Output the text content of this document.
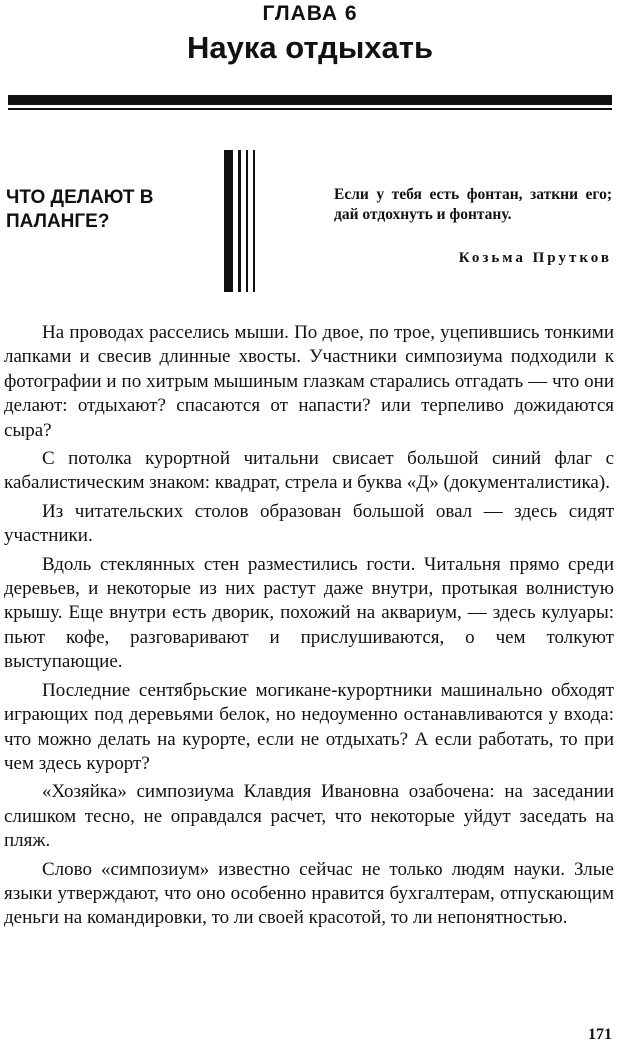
ГЛАВА 6
Наука отдыхать
ЧТО ДЕЛАЮТ В ПАЛАНГЕ?
Если у тебя есть фонтан, заткни его; дай отдохнуть и фонтану.
Козьма Прутков

На проводах расселись мыши. По двое, по трое, уцепившись тонкими лапками и свесив длинные хвосты. Участники симпозиума подходили к фотографии и по хитрым мышиным глазкам старались отгадать — что они делают: отдыхают? спасаются от напасти? или терпеливо дожидаются сыра?

С потолка курортной читальни свисает большой синий флаг с кабалистическим знаком: квадрат, стрела и буква «Д» (документалистика).

Из читательских столов образован большой овал — здесь сидят участники.

Вдоль стеклянных стен разместились гости. Читальня прямо среди деревьев, и некоторые из них растут даже внутри, протыкая волнистую крышу. Еще внутри есть дворик, похожий на аквариум, — здесь кулуары: пьют кофе, разговаривают и прислушиваются, о чем толкуют выступающие.

Последние сентябрьские могикане-курортники машинально обходят играющих под деревьями белок, но недоуменно останавливаются у входа: что можно делать на курорте, если не отдыхать? А если работать, то при чем здесь курорт?

«Хозяйка» симпозиума Клавдия Ивановна озабочена: на заседании слишком тесно, не оправдался расчет, что некоторые уйдут заседать на пляж.

Слово «симпозиум» известно сейчас не только людям науки. Злые языки утверждают, что оно особенно нравится бухгалтерам, отпускающим деньги на командировки, то ли своей красотой, то ли непонятностью.

171
